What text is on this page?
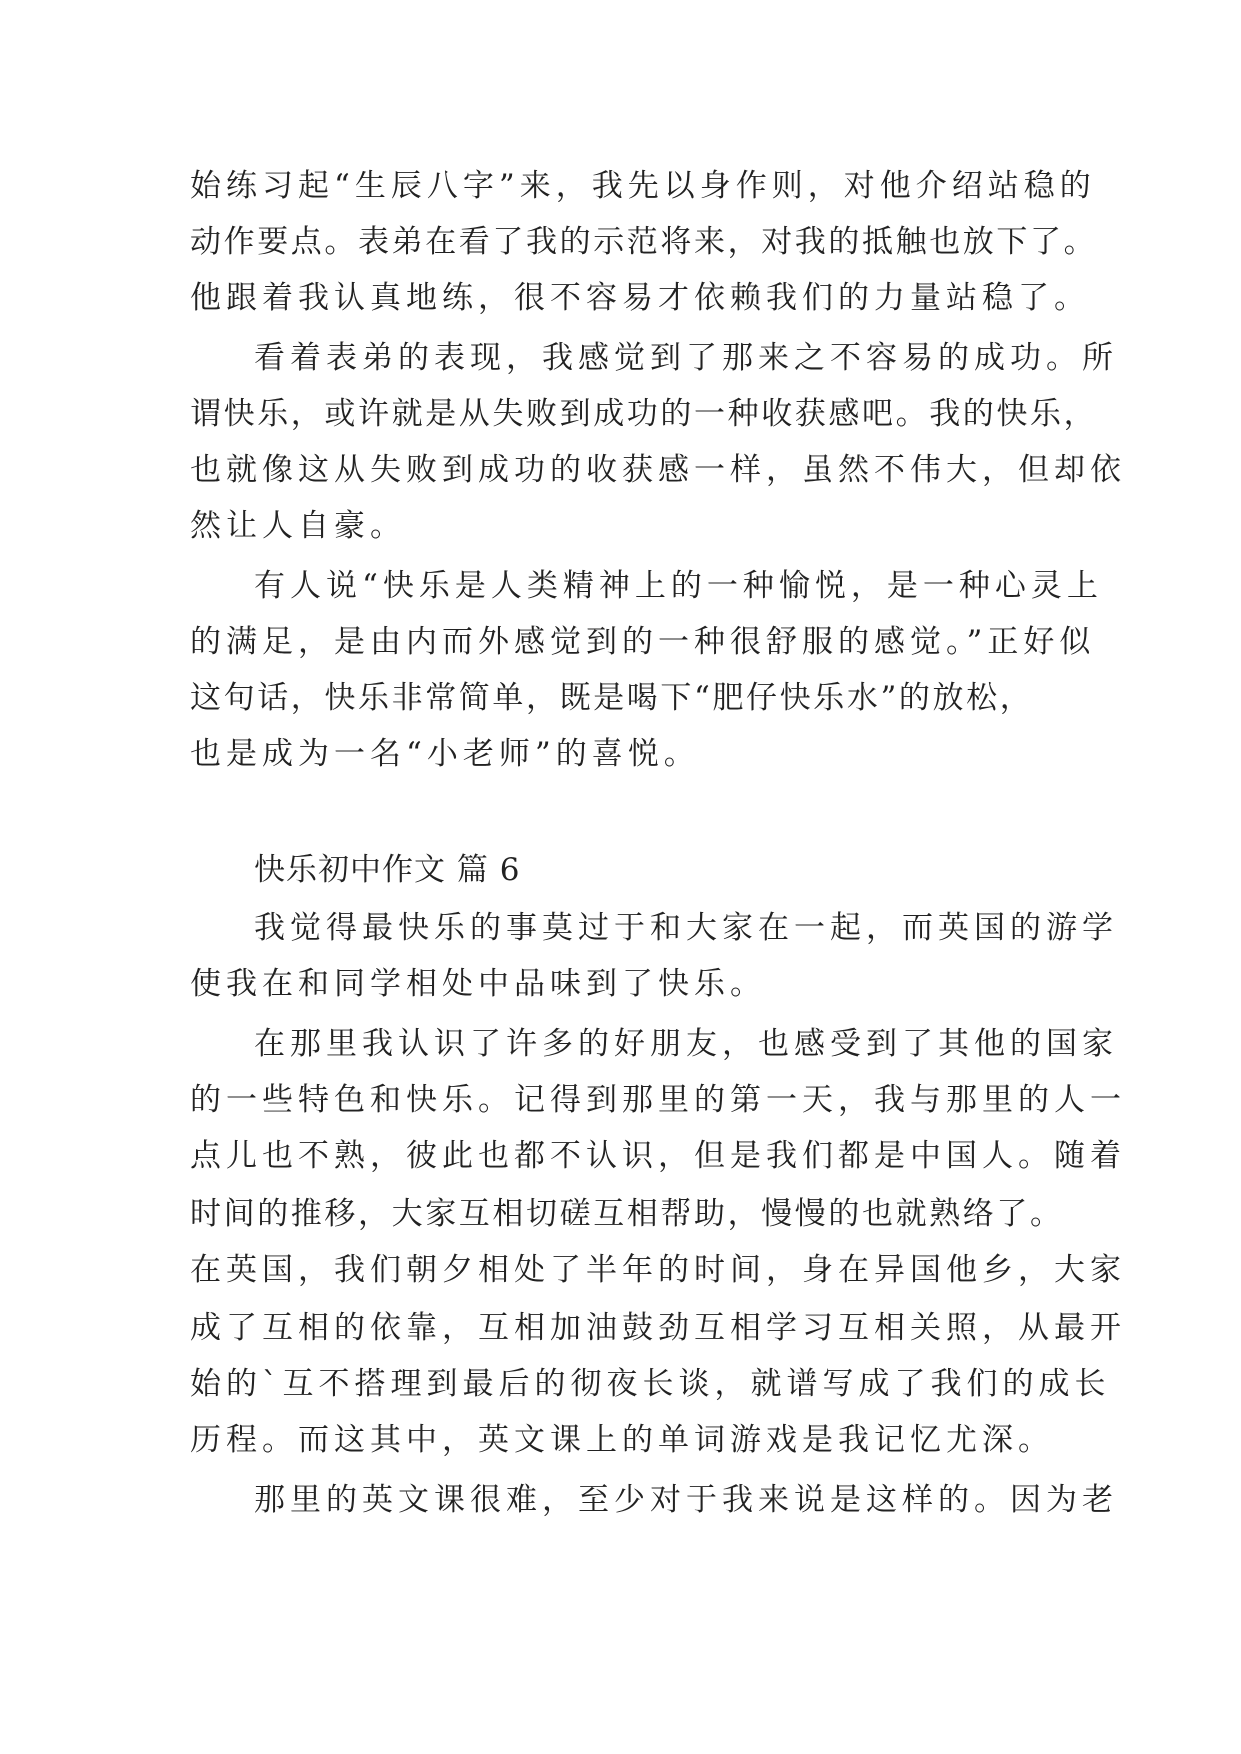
始练习起“生辰八字”来，我先以身作则，对他介绍站稳的
动作要点。表弟在看了我的示范将来，对我的抵触也放下了。
他跟着我认真地练，很不容易才依赖我们的力量站稳了。
看着表弟的表现，我感觉到了那来之不容易的成功。所
谓快乐，或许就是从失败到成功的一种收获感吧。我的快乐，
也就像这从失败到成功的收获感一样，虽然不伟大，但却依
然让人自豪。
有人说“快乐是人类精神上的一种愉悦，是一种心灵上
的满足，是由内而外感觉到的一种很舒服的感觉。”正好似
这句话，快乐非常简单，既是喝下“肥仔快乐水”的放松，
也是成为一名“小老师”的喜悦。
快乐初中作文 篇 6
我觉得最快乐的事莫过于和大家在一起，而英国的游学
使我在和同学相处中品味到了快乐。
在那里我认识了许多的好朋友，也感受到了其他的国家
的一些特色和快乐。记得到那里的第一天，我与那里的人一
点儿也不熟，彼此也都不认识，但是我们都是中国人。随着
时间的推移，大家互相切磋互相帮助，慢慢的也就熟络了。
在英国，我们朝夕相处了半年的时间，身在异国他乡，大家
成了互相的依靠，互相加油鼓劲互相学习互相关照，从最开
始的`互不搭理到最后的彻夜长谈，就谱写成了我们的成长
历程。而这其中，英文课上的单词游戏是我记忆尤深。
那里的英文课很难，至少对于我来说是这样的。因为老
